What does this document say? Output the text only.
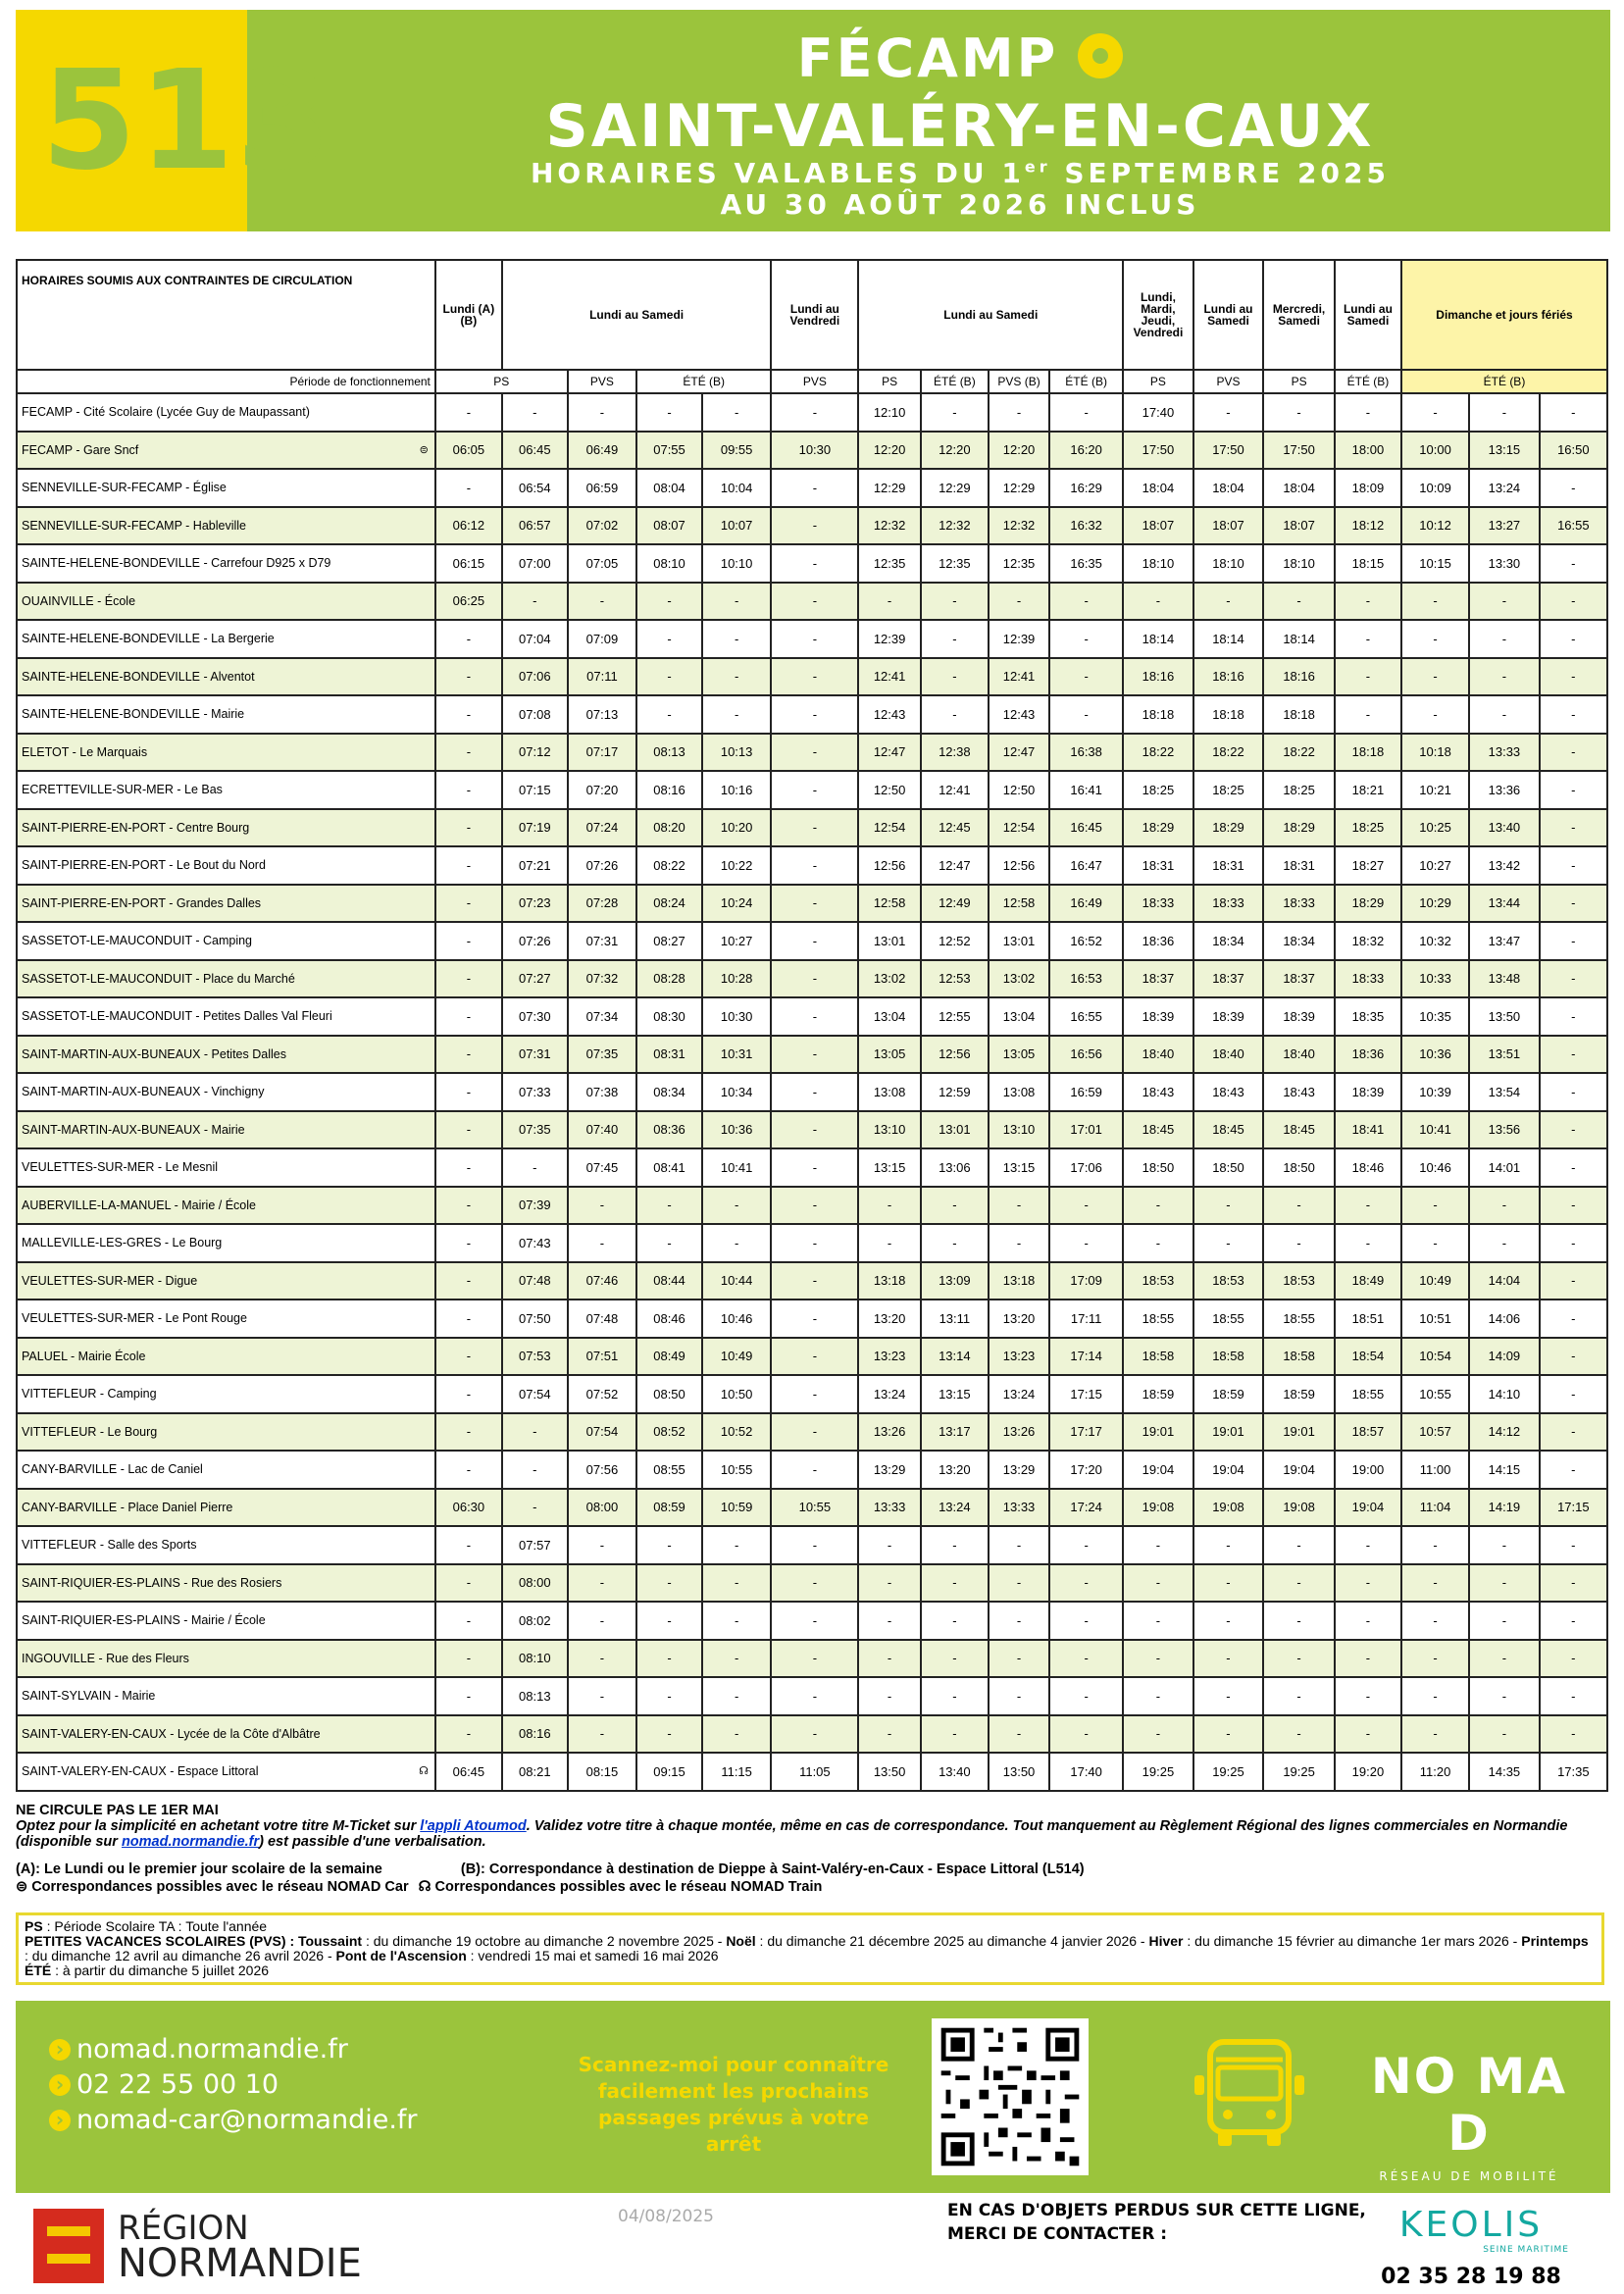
513	FÉCAMP
SAINT-VALÉRY-EN-CAUX
HORAIRES VALABLES DU 1er SEPTEMBRE 2025
AU 30 AOÛT 2026 INCLUS
HORAIRES SOUMIS AUX CONTRAINTES DE CIRCULATION	Lundi (A) (B)	Lundi au Samedi				Lundi au Vendredi	Lundi au Samedi				Lundi, Mardi, Jeudi, Vendredi	Lundi au Samedi	Mercredi, Samedi	Lundi au Samedi	Dimanche et jours fériés		
Période de fonctionnement	PS		PVS	ÉTÉ (B)		PVS	PS	ÉTÉ (B)	PVS (B)	ÉTÉ (B)	PS	PVS	PS	ÉTÉ (B)	ÉTÉ (B)		
FECAMP - Cité Scolaire (Lycée Guy de Maupassant)	-	-	-	-	-	-	12:10	-	-	-	17:40	-	-	-	-	-	-
FECAMP - Gare Sncf ⊜	06:05	06:45	06:49	07:55	09:55	10:30	12:20	12:20	12:20	16:20	17:50	17:50	17:50	18:00	10:00	13:15	16:50
SENNEVILLE-SUR-FECAMP - Église	-	06:54	06:59	08:04	10:04	-	12:29	12:29	12:29	16:29	18:04	18:04	18:04	18:09	10:09	13:24	-
SENNEVILLE-SUR-FECAMP - Hableville	06:12	06:57	07:02	08:07	10:07	-	12:32	12:32	12:32	16:32	18:07	18:07	18:07	18:12	10:12	13:27	16:55
SAINTE-HELENE-BONDEVILLE - Carrefour D925 x D79	06:15	07:00	07:05	08:10	10:10	-	12:35	12:35	12:35	16:35	18:10	18:10	18:10	18:15	10:15	13:30	-
OUAINVILLE - École	06:25	-	-	-	-	-	-	-	-	-	-	-	-	-	-	-	-
SAINTE-HELENE-BONDEVILLE - La Bergerie	-	07:04	07:09	-	-	-	12:39	-	12:39	-	18:14	18:14	18:14	-	-	-	-
SAINTE-HELENE-BONDEVILLE - Alventot	-	07:06	07:11	-	-	-	12:41	-	12:41	-	18:16	18:16	18:16	-	-	-	-
SAINTE-HELENE-BONDEVILLE - Mairie	-	07:08	07:13	-	-	-	12:43	-	12:43	-	18:18	18:18	18:18	-	-	-	-
ELETOT - Le Marquais	-	07:12	07:17	08:13	10:13	-	12:47	12:38	12:47	16:38	18:22	18:22	18:22	18:18	10:18	13:33	-
ECRETTEVILLE-SUR-MER - Le Bas	-	07:15	07:20	08:16	10:16	-	12:50	12:41	12:50	16:41	18:25	18:25	18:25	18:21	10:21	13:36	-
SAINT-PIERRE-EN-PORT - Centre Bourg	-	07:19	07:24	08:20	10:20	-	12:54	12:45	12:54	16:45	18:29	18:29	18:29	18:25	10:25	13:40	-
SAINT-PIERRE-EN-PORT - Le Bout du Nord	-	07:21	07:26	08:22	10:22	-	12:56	12:47	12:56	16:47	18:31	18:31	18:31	18:27	10:27	13:42	-
SAINT-PIERRE-EN-PORT - Grandes Dalles	-	07:23	07:28	08:24	10:24	-	12:58	12:49	12:58	16:49	18:33	18:33	18:33	18:29	10:29	13:44	-
SASSETOT-LE-MAUCONDUIT - Camping	-	07:26	07:31	08:27	10:27	-	13:01	12:52	13:01	16:52	18:36	18:34	18:34	18:32	10:32	13:47	-
SASSETOT-LE-MAUCONDUIT - Place du Marché	-	07:27	07:32	08:28	10:28	-	13:02	12:53	13:02	16:53	18:37	18:37	18:37	18:33	10:33	13:48	-
SASSETOT-LE-MAUCONDUIT - Petites Dalles Val Fleuri	-	07:30	07:34	08:30	10:30	-	13:04	12:55	13:04	16:55	18:39	18:39	18:39	18:35	10:35	13:50	-
SAINT-MARTIN-AUX-BUNEAUX - Petites Dalles	-	07:31	07:35	08:31	10:31	-	13:05	12:56	13:05	16:56	18:40	18:40	18:40	18:36	10:36	13:51	-
SAINT-MARTIN-AUX-BUNEAUX - Vinchigny	-	07:33	07:38	08:34	10:34	-	13:08	12:59	13:08	16:59	18:43	18:43	18:43	18:39	10:39	13:54	-
SAINT-MARTIN-AUX-BUNEAUX - Mairie	-	07:35	07:40	08:36	10:36	-	13:10	13:01	13:10	17:01	18:45	18:45	18:45	18:41	10:41	13:56	-
VEULETTES-SUR-MER - Le Mesnil	-	-	07:45	08:41	10:41	-	13:15	13:06	13:15	17:06	18:50	18:50	18:50	18:46	10:46	14:01	-
AUBERVILLE-LA-MANUEL - Mairie / École	-	07:39	-	-	-	-	-	-	-	-	-	-	-	-	-	-	-
MALLEVILLE-LES-GRES - Le Bourg	-	07:43	-	-	-	-	-	-	-	-	-	-	-	-	-	-	-
VEULETTES-SUR-MER - Digue	-	07:48	07:46	08:44	10:44	-	13:18	13:09	13:18	17:09	18:53	18:53	18:53	18:49	10:49	14:04	-
VEULETTES-SUR-MER - Le Pont Rouge	-	07:50	07:48	08:46	10:46	-	13:20	13:11	13:20	17:11	18:55	18:55	18:55	18:51	10:51	14:06	-
PALUEL - Mairie École	-	07:53	07:51	08:49	10:49	-	13:23	13:14	13:23	17:14	18:58	18:58	18:58	18:54	10:54	14:09	-
VITTEFLEUR - Camping	-	07:54	07:52	08:50	10:50	-	13:24	13:15	13:24	17:15	18:59	18:59	18:59	18:55	10:55	14:10	-
VITTEFLEUR - Le Bourg	-	-	07:54	08:52	10:52	-	13:26	13:17	13:26	17:17	19:01	19:01	19:01	18:57	10:57	14:12	-
CANY-BARVILLE - Lac de Caniel	-	-	07:56	08:55	10:55	-	13:29	13:20	13:29	17:20	19:04	19:04	19:04	19:00	11:00	14:15	-
CANY-BARVILLE - Place Daniel Pierre	06:30	-	08:00	08:59	10:59	10:55	13:33	13:24	13:33	17:24	19:08	19:08	19:08	19:04	11:04	14:19	17:15
VITTEFLEUR - Salle des Sports	-	07:57	-	-	-	-	-	-	-	-	-	-	-	-	-	-	-
SAINT-RIQUIER-ES-PLAINS - Rue des Rosiers	-	08:00	-	-	-	-	-	-	-	-	-	-	-	-	-	-	-
SAINT-RIQUIER-ES-PLAINS - Mairie / École	-	08:02	-	-	-	-	-	-	-	-	-	-	-	-	-	-	-
INGOUVILLE - Rue des Fleurs	-	08:10	-	-	-	-	-	-	-	-	-	-	-	-	-	-	-
SAINT-SYLVAIN - Mairie	-	08:13	-	-	-	-	-	-	-	-	-	-	-	-	-	-	-
SAINT-VALERY-EN-CAUX - Lycée de la Côte d'Albâtre	-	08:16	-	-	-	-	-	-	-	-	-	-	-	-	-	-	-
SAINT-VALERY-EN-CAUX - Espace Littoral ☊	06:45	08:21	08:15	09:15	11:15	11:05	13:50	13:40	13:50	17:40	19:25	19:25	19:25	19:20	11:20	14:35	17:35

NE CIRCULE PAS LE 1ER MAI

Optez pour la simplicité en achetant votre titre M-Ticket sur l'appli Atoumod. Validez votre titre à chaque montée, même en cas de correspondance. Tout manquement au Règlement Régional des lignes commerciales en Normandie (disponible sur nomad.normandie.fr) est passible d'une verbalisation.

(A): Le Lundi ou le premier jour scolaire de la semaine	(B): Correspondance à destination de Dieppe à Saint-Valéry-en-Caux - Espace Littoral (L514)
⊜ Correspondances possibles avec le réseau NOMAD Car ☊ Correspondances possibles avec le réseau NOMAD Train
PS : Période Scolaire TA : Toute l'année
PETITES VACANCES SCOLAIRES (PVS) : Toussaint : du dimanche 19 octobre au dimanche 2 novembre 2025 - Noël : du dimanche 21 décembre 2025 au dimanche 4 janvier 2026 - Hiver : du dimanche 15 février au dimanche 1er mars 2026 - Printemps : du dimanche 12 avril au dimanche 26 avril 2026 - Pont de l'Ascension : vendredi 15 mai et samedi 16 mai 2026
ÉTÉ : à partir du dimanche 5 juillet 2026
› nomad.normandie.fr
› 02 22 55 00 10
› nomad-car@normandie.fr
Scannez-moi pour connaître facilement les prochains passages prévus à votre arrêt
NO MA D
RÉSEAU DE MOBILITÉ
NORMAND
RÉGION
NORMANDIE
04/08/2025	EN CAS D'OBJETS PERDUS SUR CETTE LIGNE,
MERCI DE CONTACTER :	KEOLIS
SEINE MARITIME
02 35 28 19 88
